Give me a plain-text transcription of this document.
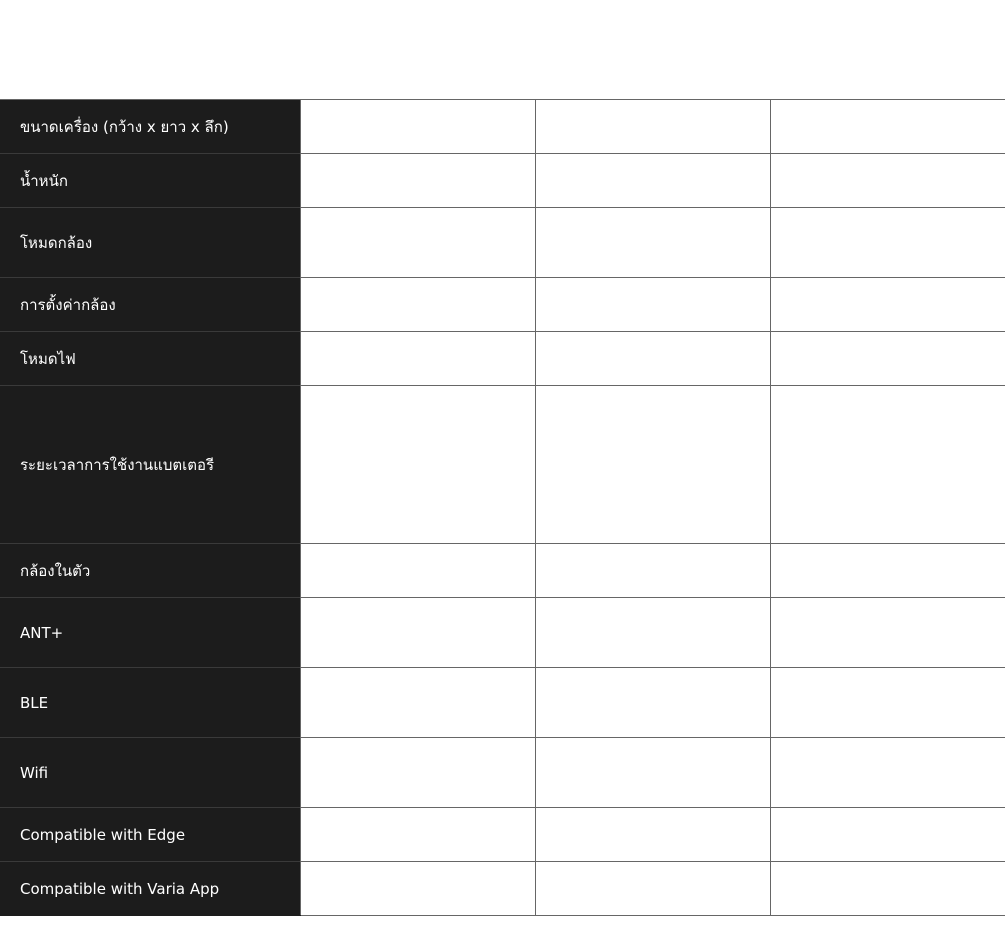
ขนาดเครื่อง (กว้าง x ยาว x ลึก)			
น้ำหนัก			
โหมดกล้อง			
การตั้งค่ากล้อง			
โหมดไฟ			
ระยะเวลาการใช้งานแบตเตอรี			
กล้องในตัว			
ANT+			
BLE			
Wifi			
Compatible with Edge			
Compatible with Varia App			
